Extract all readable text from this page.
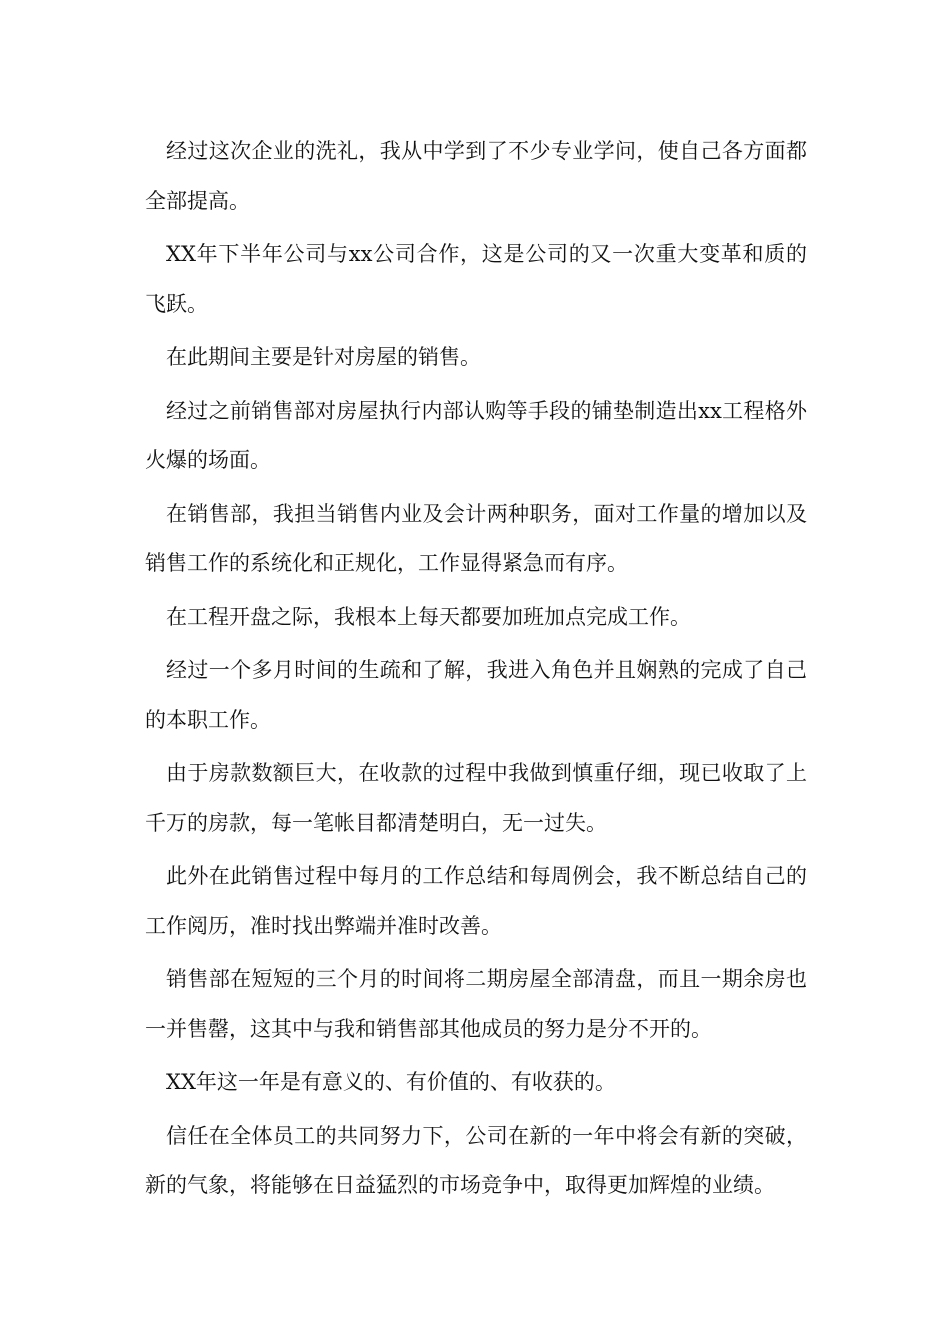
经过这次企业的洗礼，我从中学到了不少专业学问，使自己各方面都全部提高。

XX年下半年公司与xx公司合作，这是公司的又一次重大变革和质的飞跃。

在此期间主要是针对房屋的销售。

经过之前销售部对房屋执行内部认购等手段的铺垫制造出xx工程格外火爆的场面。

在销售部，我担当销售内业及会计两种职务，面对工作量的增加以及销售工作的系统化和正规化，工作显得紧急而有序。

在工程开盘之际，我根本上每天都要加班加点完成工作。

经过一个多月时间的生疏和了解，我进入角色并且娴熟的完成了自己的本职工作。

由于房款数额巨大，在收款的过程中我做到慎重仔细，现已收取了上千万的房款，每一笔帐目都清楚明白，无一过失。

此外在此销售过程中每月的工作总结和每周例会，我不断总结自己的工作阅历，准时找出弊端并准时改善。

销售部在短短的三个月的时间将二期房屋全部清盘，而且一期余房也一并售罄，这其中与我和销售部其他成员的努力是分不开的。

XX年这一年是有意义的、有价值的、有收获的。

信任在全体员工的共同努力下，公司在新的一年中将会有新的突破，新的气象，将能够在日益猛烈的市场竞争中，取得更加辉煌的业绩。
